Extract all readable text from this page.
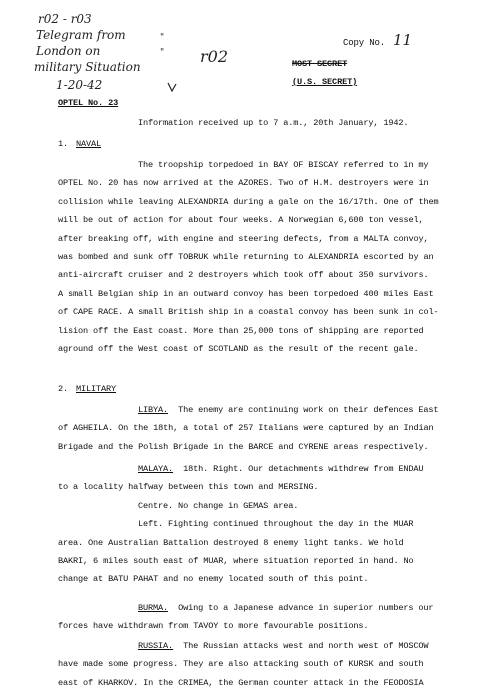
r02 - r03
Telegram from
London on
military Situation
1-20-42
"
" r02
Copy No. 11
MOST SECRET
(U.S. SECRET)
OPTEL No. 23
Information received up to 7 a.m., 20th January, 1942.
1. NAVAL
The troopship torpedoed in BAY OF BISCAY referred to in my
OPTEL No. 20 has now arrived at the AZORES. Two of H.M. destroyers were in
collision while leaving ALEXANDRIA during a gale on the 16/17th. One of them
will be out of action for about four weeks. A Norwegian 6,600 ton vessel,
after breaking off, with engine and steering defects, from a MALTA convoy,
was bombed and sunk off TOBRUK while returning to ALEXANDRIA escorted by an
anti-aircraft cruiser and 2 destroyers which took off about 350 survivors.
A small Belgian ship in an outward convoy has been torpedoed 400 miles East
of CAPE RACE. A small British ship in a coastal convoy has been sunk in col-
lision off the East coast. More than 25,000 tons of shipping are reported
aground off the West coast of SCOTLAND as the result of the recent gale.
2. MILITARY
LIBYA. The enemy are continuing work on their defences East
of AGHEILA. On the 18th, a total of 257 Italians were captured by an Indian
Brigade and the Polish Brigade in the BARCE and CYRENE areas respectively.
MALAYA. 18th. Right. Our detachments withdrew from ENDAU
to a locality halfway between this town and MERSING.
Centre. No change in GEMAS area.
Left. Fighting continued throughout the day in the MUAR
area. One Australian Battalion destroyed 8 enemy light tanks. We hold
BAKRI, 6 miles south east of MUAR, where situation reported in hand. No
change at BATU PAHAT and no enemy located south of this point.
BURMA. Owing to a Japanese advance in superior numbers our
forces have withdrawn from TAVOY to more favourable positions.
RUSSIA. The Russian attacks west and north west of MOSCOW
have made some progress. They are also attacking south of KURSK and south
east of KHARKOV. In the CRIMEA, the German counter attack in the FEODOSIA
